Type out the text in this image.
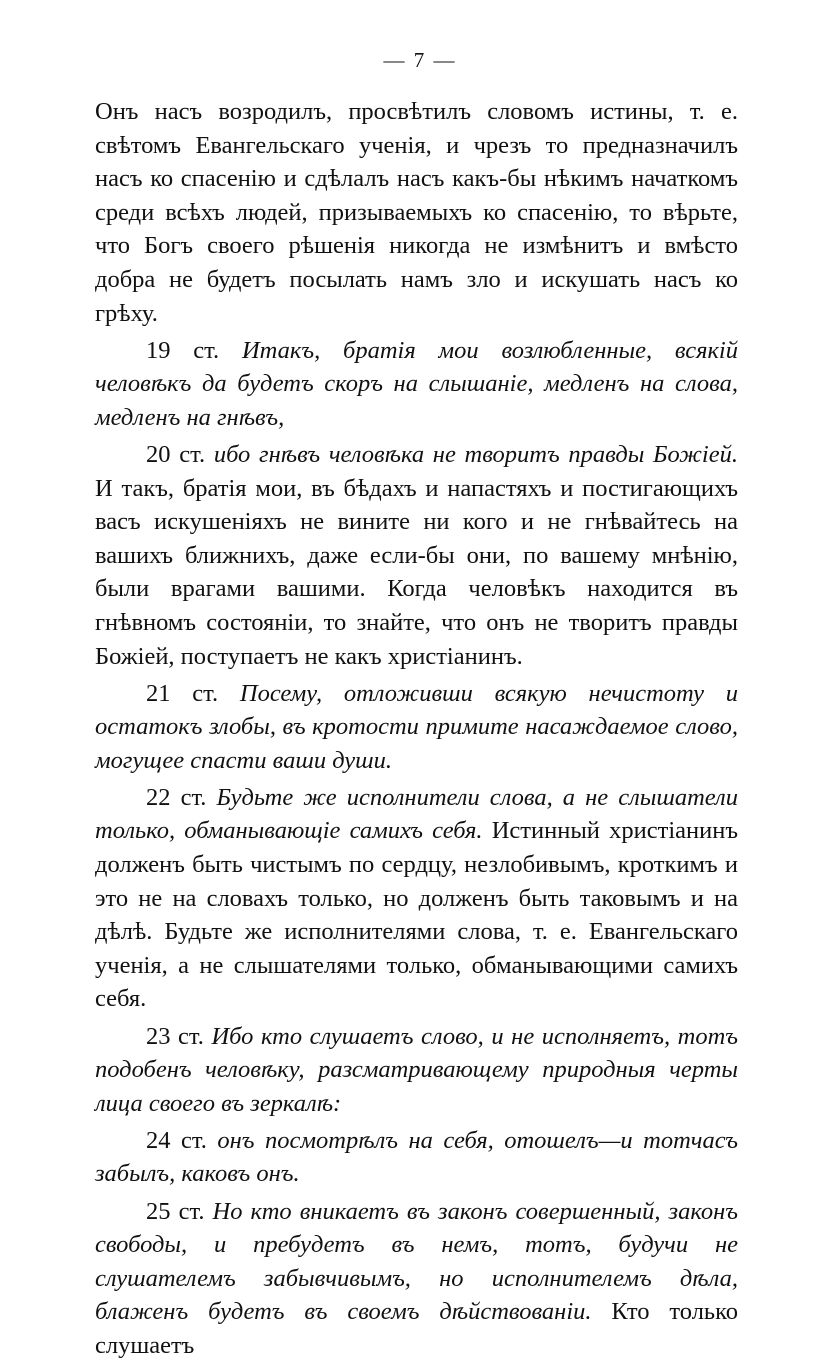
— 7 —

Онъ насъ возродилъ, просвѣтилъ словомъ истины, т. е. свѣтомъ Евангельскаго ученія, и чрезъ то предназначилъ насъ ко спасенію и сдѣлалъ насъ какъ-бы нѣкимъ начаткомъ среди всѣхъ людей, призываемыхъ ко спасенію, то вѣрьте, что Богъ своего рѣшенія никогда не измѣнитъ и вмѣсто добра не будетъ посылать намъ зло и искушать насъ ко грѣху.

19 ст. Итакъ, братія мои возлюбленные, всякій человѣкъ да будетъ скоръ на слышаніе, медленъ на слова, медленъ на гнѣвъ,

20 ст. ибо гнѣвъ человѣка не творитъ правды Божіей. И такъ, братія мои, въ бѣдахъ и напастяхъ и постигающихъ васъ искушеніяхъ не вините ни кого и не гнѣвайтесь на вашихъ ближнихъ, даже если-бы они, по вашему мнѣнію, были врагами вашими. Когда человѣкъ находится въ гнѣвномъ состояніи, то знайте, что онъ не творитъ правды Божіей, поступаетъ не какъ христіанинъ.

21 ст. Посему, отложивши всякую нечистоту и остатокъ злобы, въ кротости примите насаждаемое слово, могущее спасти ваши души.

22 ст. Будьте же исполнители слова, а не слышатели только, обманывающіе самихъ себя. Истинный христіанинъ долженъ быть чистымъ по сердцу, незлобивымъ, кроткимъ и это не на словахъ только, но долженъ быть таковымъ и на дѣлѣ. Будьте же исполнителями слова, т. е. Евангельскаго ученія, а не слышателями только, обманывающими самихъ себя.

23 ст. Ибо кто слушаетъ слово, и не исполняетъ, тотъ подобенъ человѣку, разсматривающему природныя черты лица своего въ зеркалѣ:

24 ст. онъ посмотрѣлъ на себя, отошелъ—и тотчасъ забылъ, каковъ онъ.

25 ст. Но кто вникаетъ въ законъ совершенный, законъ свободы, и пребудетъ въ немъ, тотъ, будучи не слушателемъ забывчивымъ, но исполнителемъ дѣла, блаженъ будетъ въ своемъ дѣйствованіи. Кто только слушаетъ
